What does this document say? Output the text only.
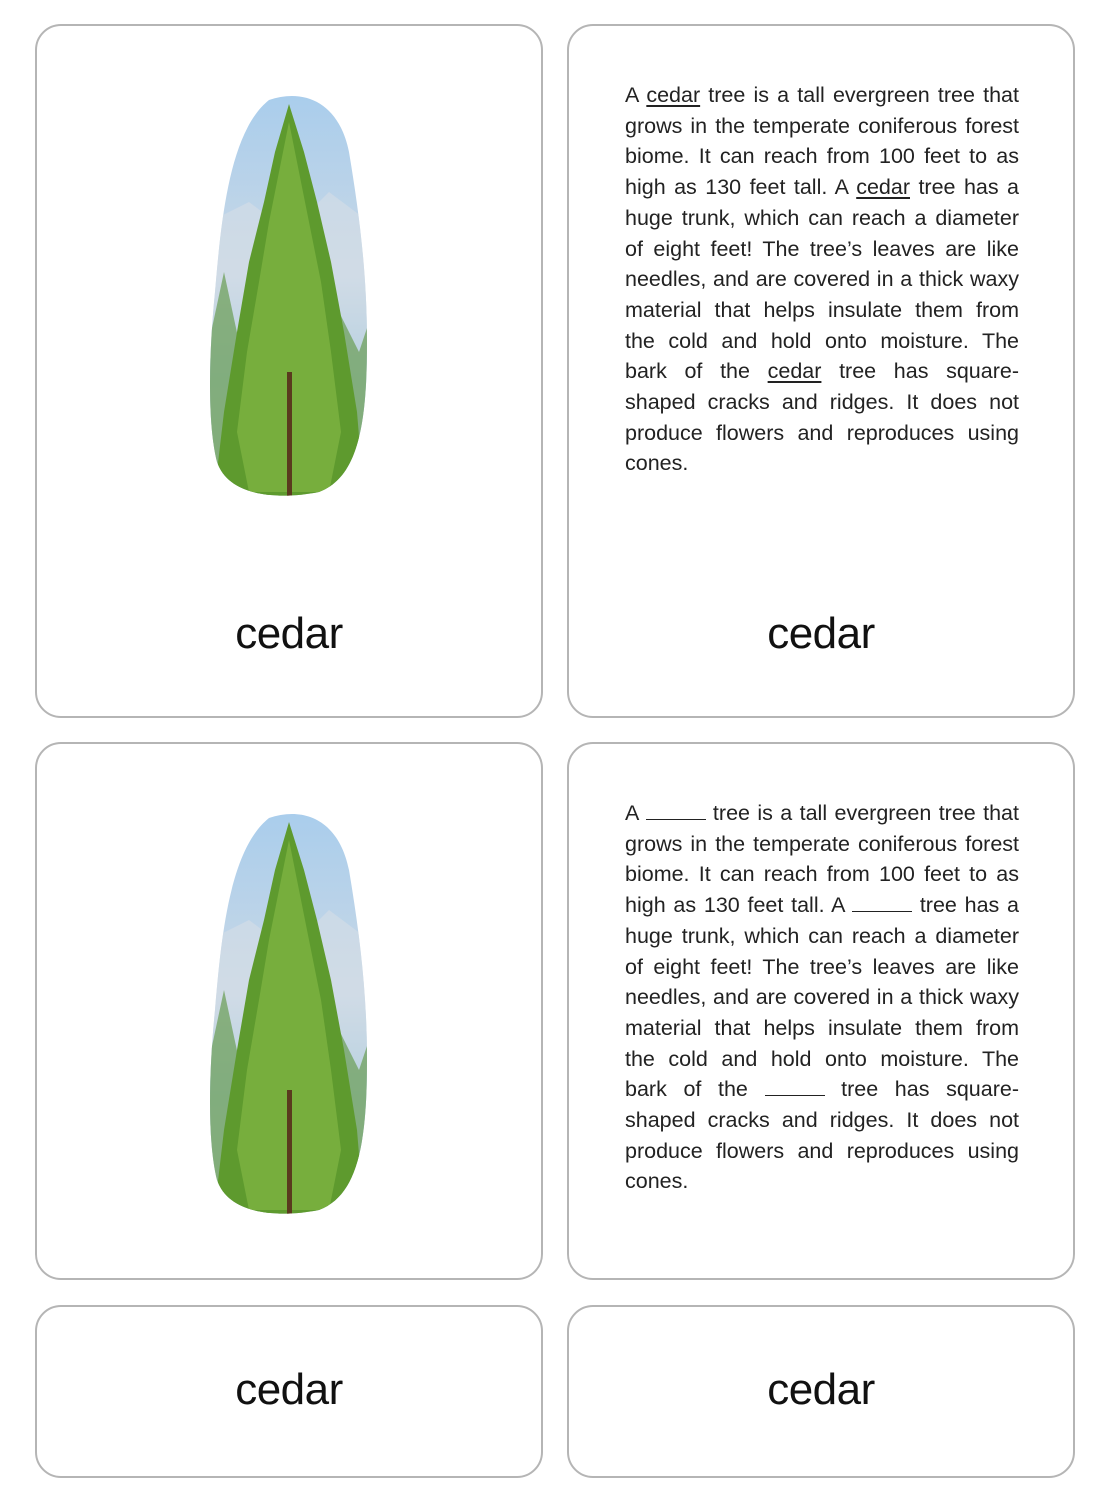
cedar
A cedar tree is a tall evergreen tree that grows in the temperate coniferous forest biome. It can reach from 100 feet to as high as 130 feet tall. A cedar tree has a huge trunk, which can reach a diameter of eight feet! The tree’s leaves are like needles, and are covered in a thick waxy material that helps insulate them from the cold and hold onto moisture. The bark of the cedar tree has square-shaped cracks and ridges. It does not produce flowers and reproduces using cones.
cedar
A	tree is a tall evergreen tree that grows in the temperate coniferous forest biome. It can reach from 100 feet to as high as 130 feet tall. A	tree has a huge trunk, which can reach a diameter of eight feet! The tree’s leaves are like needles, and are covered in a thick waxy material that helps insulate them from the cold and hold onto moisture. The bark of the	tree has square-shaped cracks and ridges. It does not produce flowers and reproduces using cones.
cedar	cedar
